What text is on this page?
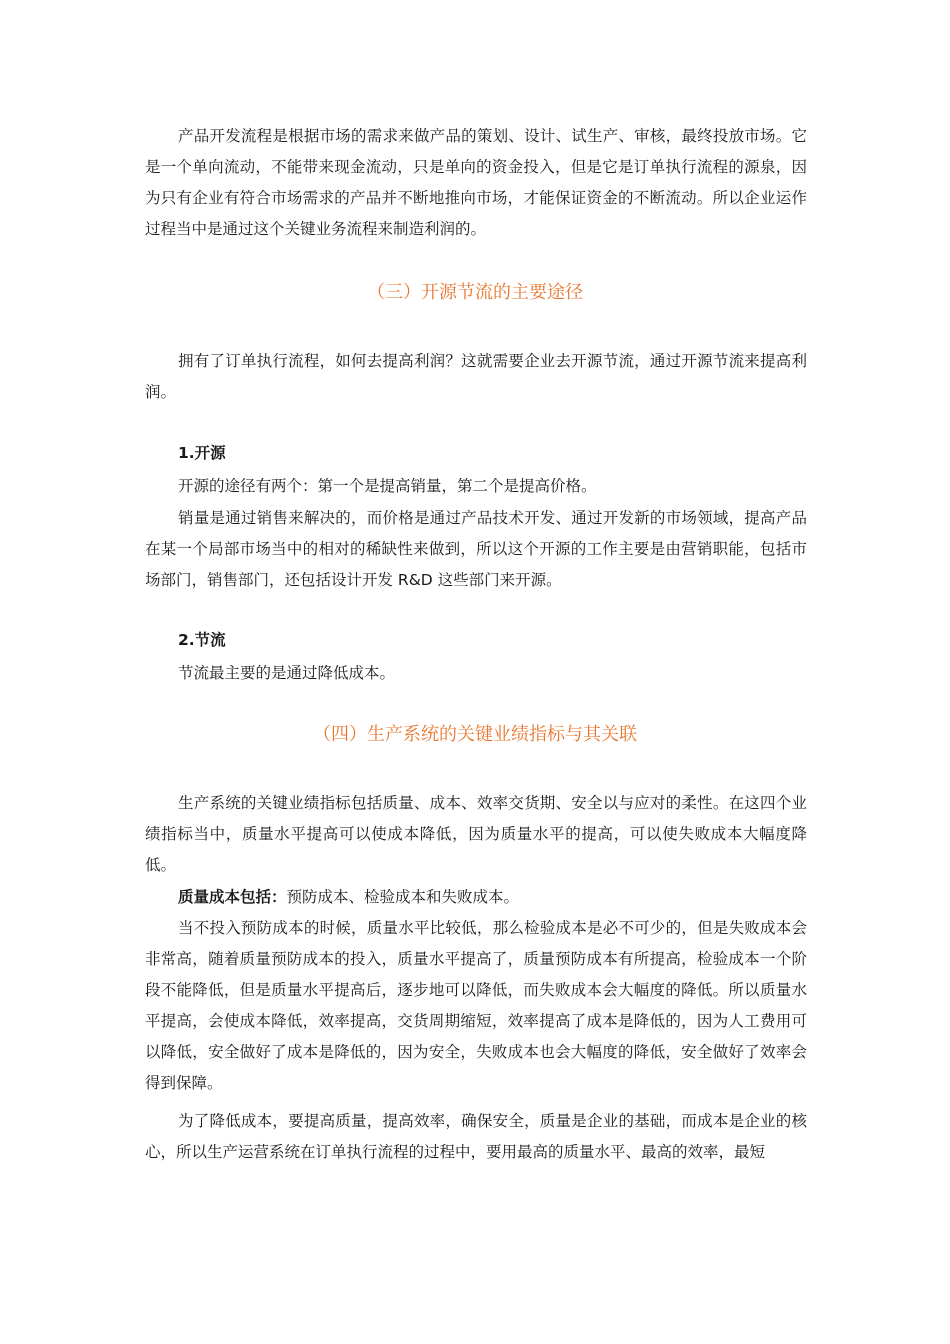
产品开发流程是根据市场的需求来做产品的策划、设计、试生产、审核，最终投放市场。它是一个单向流动，不能带来现金流动，只是单向的资金投入，但是它是订单执行流程的源泉，因为只有企业有符合市场需求的产品并不断地推向市场，才能保证资金的不断流动。所以企业运作过程当中是通过这个关键业务流程来制造利润的。

（三）开源节流的主要途径

拥有了订单执行流程，如何去提高利润？这就需要企业去开源节流，通过开源节流来提高利润。

1.开源

开源的途径有两个：第一个是提高销量，第二个是提高价格。

销量是通过销售来解决的，而价格是通过产品技术开发、通过开发新的市场领域，提高产品在某一个局部市场当中的相对的稀缺性来做到，所以这个开源的工作主要是由营销职能，包括市场部门，销售部门，还包括设计开发 R&D 这些部门来开源。

2.节流

节流最主要的是通过降低成本。

（四）生产系统的关键业绩指标与其关联

生产系统的关键业绩指标包括质量、成本、效率交货期、安全以与应对的柔性。在这四个业绩指标当中，质量水平提高可以使成本降低，因为质量水平的提高，可以使失败成本大幅度降低。

质量成本包括：预防成本、检验成本和失败成本。

当不投入预防成本的时候，质量水平比较低，那么检验成本是必不可少的，但是失败成本会非常高，随着质量预防成本的投入，质量水平提高了，质量预防成本有所提高，检验成本一个阶段不能降低，但是质量水平提高后，逐步地可以降低，而失败成本会大幅度的降低。所以质量水平提高，会使成本降低，效率提高，交货周期缩短，效率提高了成本是降低的，因为人工费用可以降低，安全做好了成本是降低的，因为安全，失败成本也会大幅度的降低，安全做好了效率会得到保障。

为了降低成本，要提高质量，提高效率，确保安全，质量是企业的基础，而成本是企业的核心，所以生产运营系统在订单执行流程的过程中，要用最高的质量水平、最高的效率，最短
